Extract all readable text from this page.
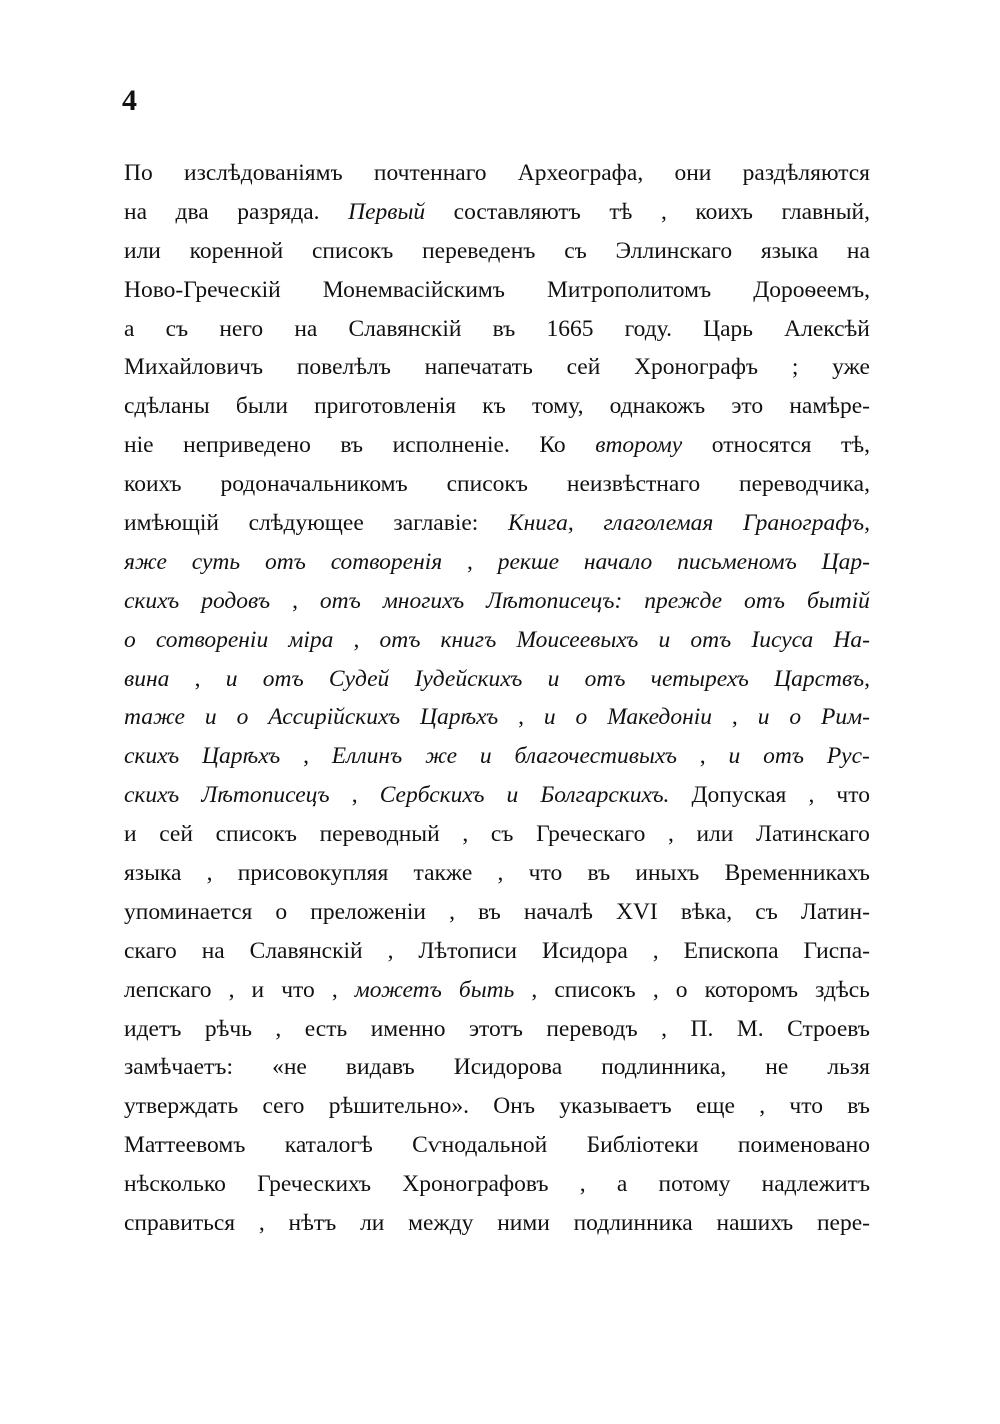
4
По изслѣдованіямъ почтеннаго Археографа, они раздѣляются
на два разряда. Первый составляютъ тѣ , коихъ главный,
или коренной списокъ переведенъ съ Эллинскаго языка на
Ново-Греческій Монемвасійскимъ Митрополитомъ Дороѳеемъ,
а съ него на Славянскій въ 1665 году. Царь Алексѣй
Михайловичъ повелѣлъ напечатать сей Хронографъ ; уже
сдѣланы были приготовленія къ тому, однакожъ это намѣре-
ніе неприведено въ исполненіе. Ко второму относятся тѣ,
коихъ родоначальникомъ списокъ неизвѣстнаго переводчика,
имѣющій слѣдующее заглавіе: Книга, глаголемая Гранографъ,
яже суть отъ сотворенія , рекше начало письменомъ Цар-
скихъ родовъ , отъ многихъ Лѣтописецъ: прежде отъ бытій
о сотвореніи міра , отъ книгъ Моисеевыхъ и отъ Іисуса На-
вина , и отъ Судей Іудейскихъ и отъ четырехъ Царствъ,
таже и о Ассирійскихъ Царѣхъ , и о Македоніи , и о Рим-
скихъ Царѣхъ , Еллинъ же и благочестивыхъ , и отъ Рус-
скихъ Лѣтописецъ , Сербскихъ и Болгарскихъ. Допуская , что
и сей списокъ переводный , съ Греческаго , или Латинскаго
языка , присовокупляя также , что въ иныхъ Временникахъ
упоминается о преложеніи , въ началѣ XVI вѣка, съ Латин-
скаго на Славянскій , Лѣтописи Исидора , Епископа Гиспа-
лепскаго , и что , можетъ быть , списокъ , о которомъ здѣсь
идетъ рѣчь , есть именно этотъ переводъ , П. М. Строевъ
замѣчаетъ: «не видавъ Исидорова подлинника, не льзя
утверждать сего рѣшительно». Онъ указываетъ еще , что въ
Маттеевомъ каталогѣ Сѵнодальной Библіотеки поименовано
нѣсколько Греческихъ Хронографовъ , а потому надлежитъ
справиться , нѣтъ ли между ними подлинника нашихъ пере-
